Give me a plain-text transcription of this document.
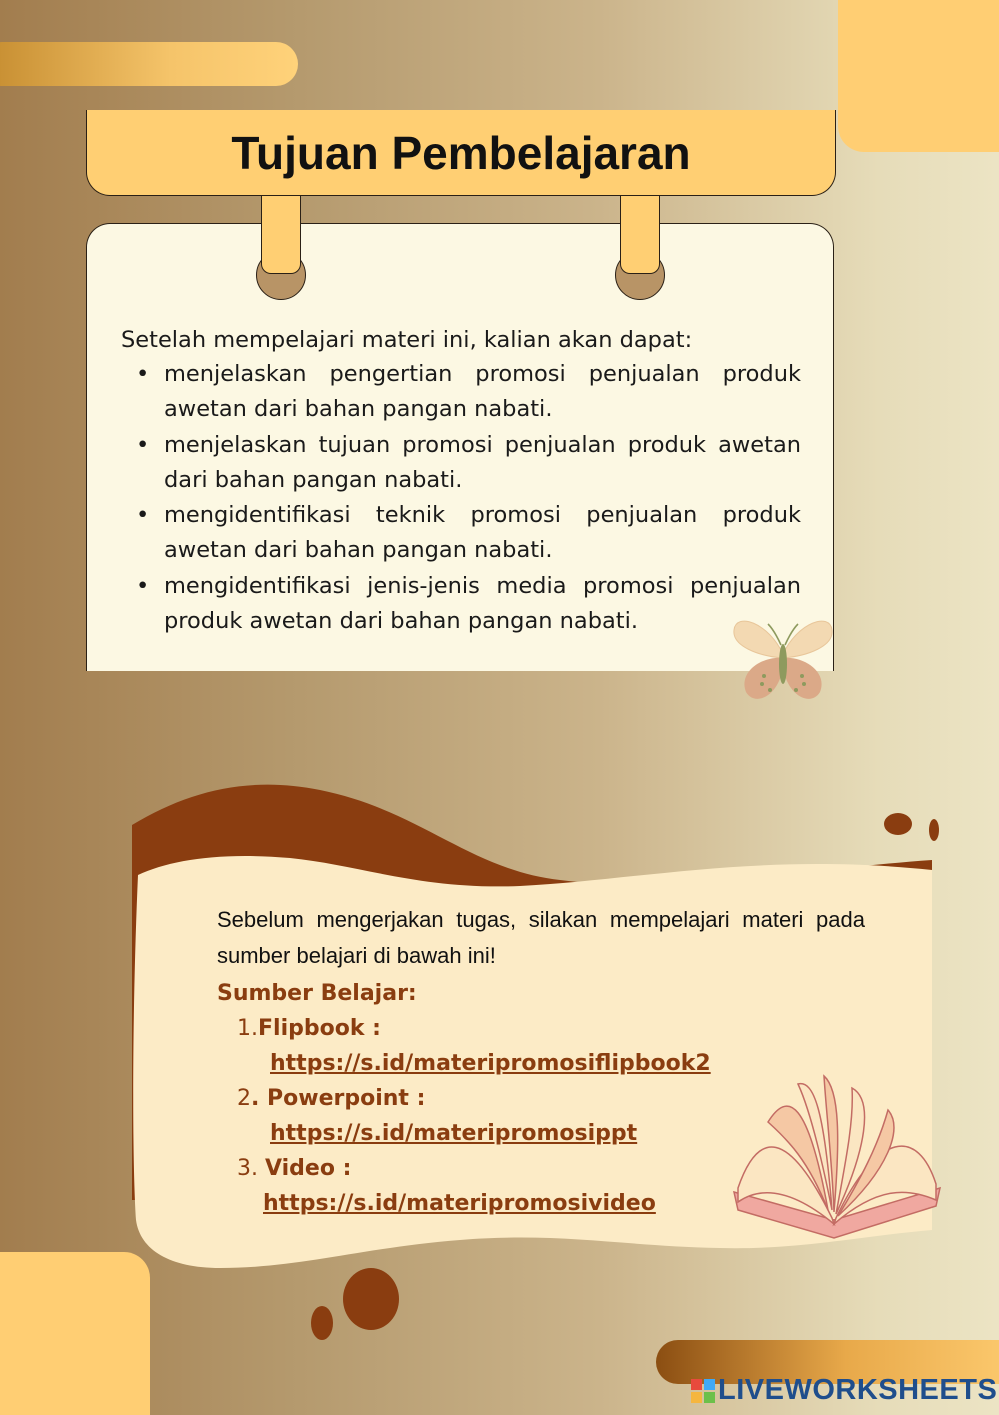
Tujuan Pembelajaran
Setelah mempelajari materi ini, kalian akan dapat:
• menjelaskan pengertian promosi penjualan produk awetan dari bahan pangan nabati.
• menjelaskan tujuan promosi penjualan produk awetan dari bahan pangan nabati.
• mengidentifikasi teknik promosi penjualan produk awetan dari bahan pangan nabati.
• mengidentifikasi jenis-jenis media promosi penjualan produk awetan dari bahan pangan nabati.

Sebelum mengerjakan tugas, silakan mempelajari materi pada sumber belajari di bawah ini!

Sumber Belajar:
1.Flipbook :
https://s.id/materipromosiflipbook2
2. Powerpoint :
https://s.id/materipromosippt
3. Video :
https://s.id/materipromosivideo
LIVEWORKSHEETS
